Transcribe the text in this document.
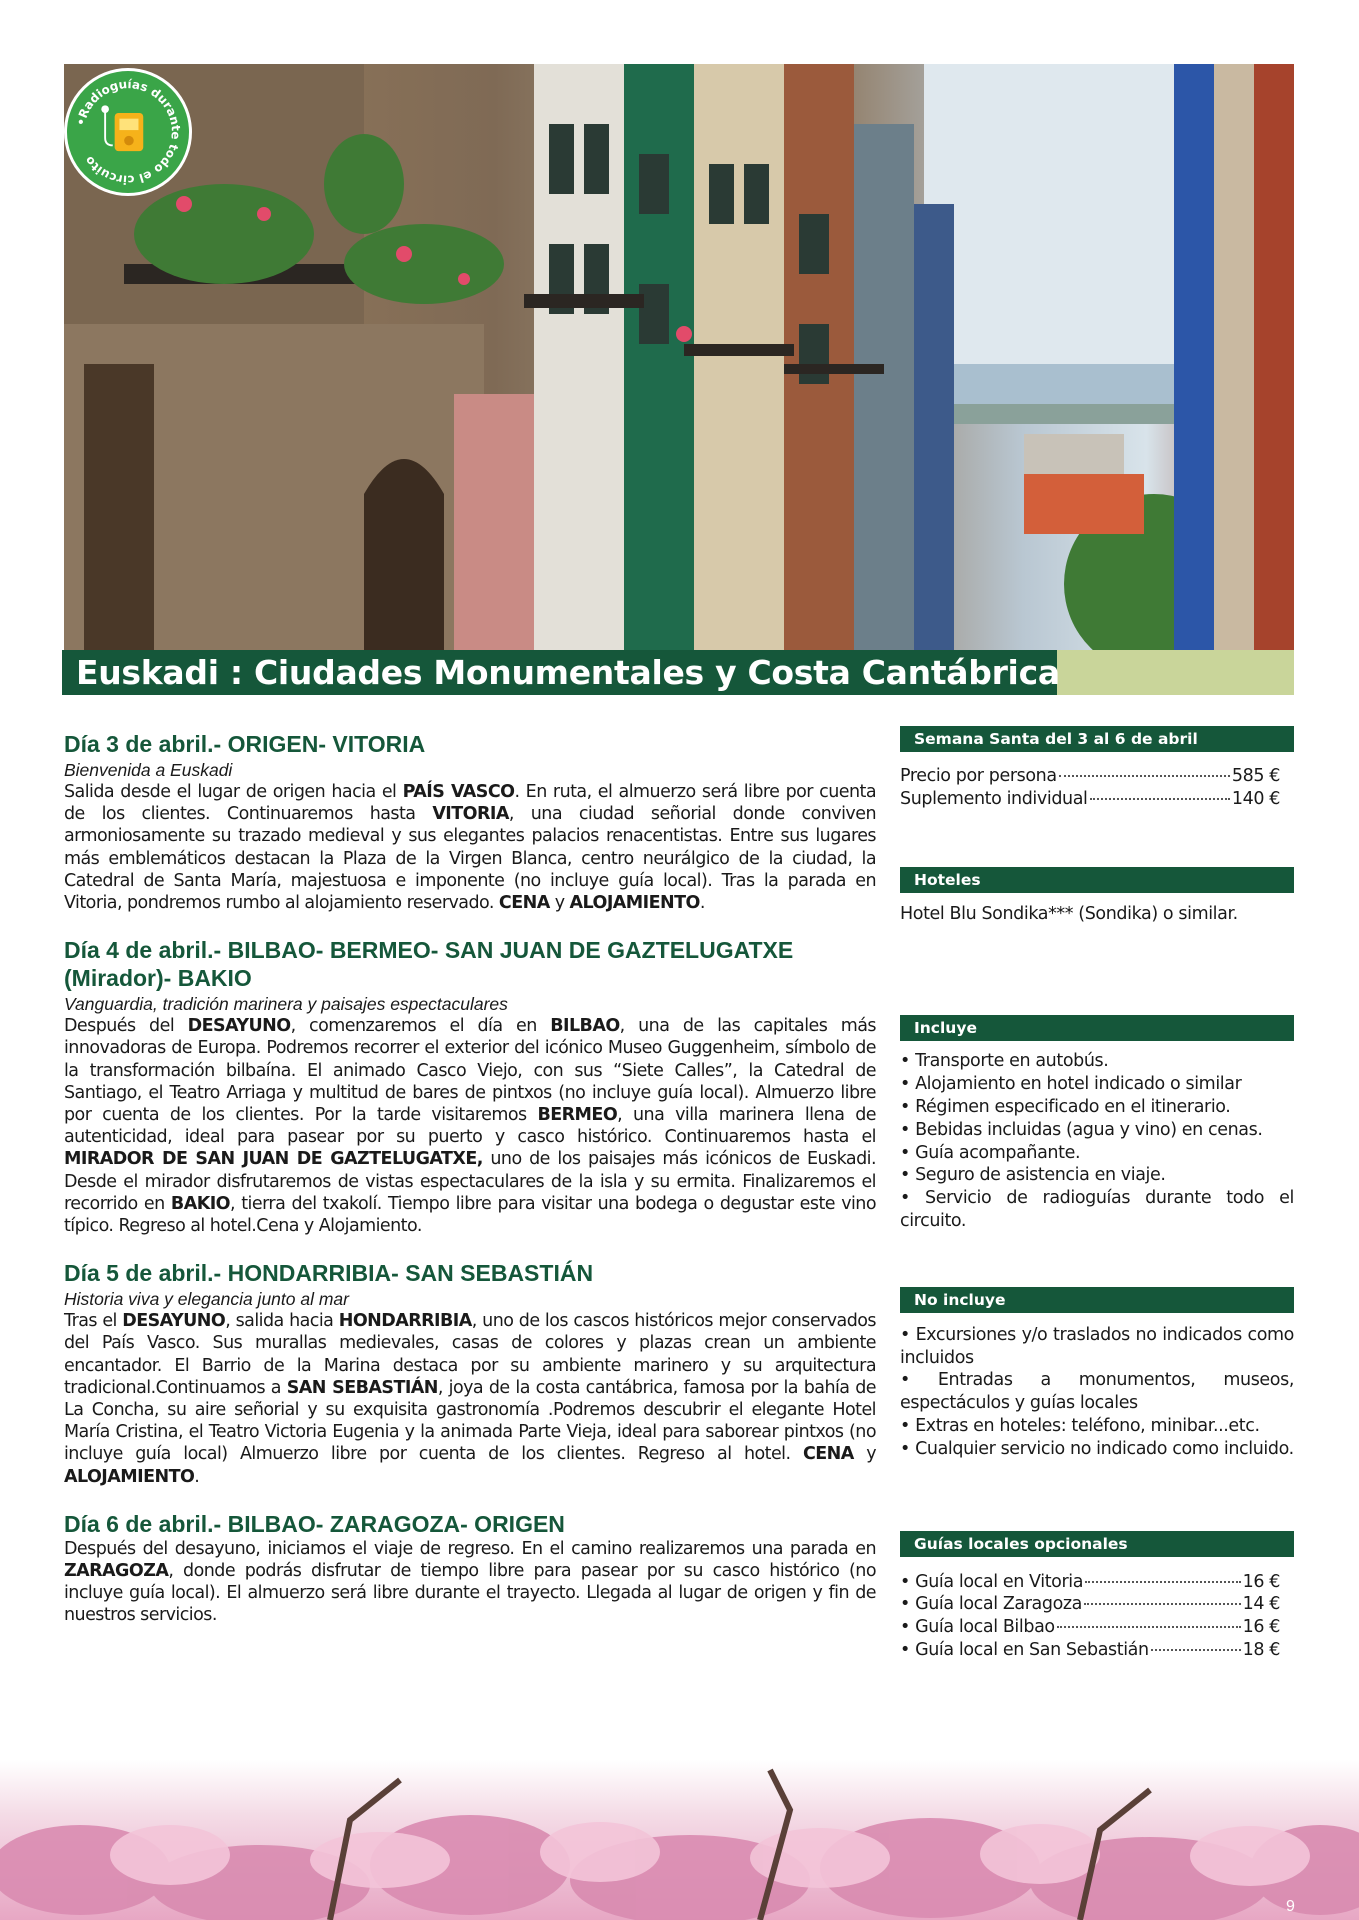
•Radioguías durante todo el circuito
Euskadi : Ciudades Monumentales y Costa Cantábrica
Día 3 de abril.- ORIGEN- VITORIA
Bienvenida a Euskadi

Salida desde el lugar de origen hacia el PAÍS VASCO. En ruta, el almuerzo será libre por cuenta de los clientes. Continuaremos hasta VITORIA, una ciudad señorial donde conviven armoniosamente su trazado medieval y sus elegantes palacios renacentistas. Entre sus lugares más emblemáticos destacan la Plaza de la Virgen Blanca, centro neurálgico de la ciudad, la Catedral de Santa María, majestuosa e imponente (no incluye guía local). Tras la parada en Vitoria, pondremos rumbo al alojamiento reservado. CENA y ALOJAMIENTO.

Día 4 de abril.- BILBAO- BERMEO- SAN JUAN DE GAZTELUGATXE (Mirador)- BAKIO
Vanguardia, tradición marinera y paisajes espectaculares

Después del DESAYUNO, comenzaremos el día en BILBAO, una de las capitales más innovadoras de Europa. Podremos recorrer el exterior del icónico Museo Guggenheim, símbolo de la transformación bilbaína. El animado Casco Viejo, con sus “Siete Calles”, la Catedral de Santiago, el Teatro Arriaga y multitud de bares de pintxos (no incluye guía local). Almuerzo libre por cuenta de los clientes. Por la tarde visitaremos BERMEO, una villa marinera llena de autenticidad, ideal para pasear por su puerto y casco histórico. Continuaremos hasta el MIRADOR DE SAN JUAN DE GAZTELUGATXE, uno de los paisajes más icónicos de Euskadi. Desde el mirador disfrutaremos de vistas espectaculares de la isla y su ermita. Finalizaremos el recorrido en BAKIO, tierra del txakolí. Tiempo libre para visitar una bodega o degustar este vino típico. Regreso al hotel.Cena y Alojamiento.

Día 5 de abril.- HONDARRIBIA- SAN SEBASTIÁN
Historia viva y elegancia junto al mar

Tras el DESAYUNO, salida hacia HONDARRIBIA, uno de los cascos históricos mejor conservados del País Vasco. Sus murallas medievales, casas de colores y plazas crean un ambiente encantador. El Barrio de la Marina destaca por su ambiente marinero y su arquitectura tradicional.Continuamos a SAN SEBASTIÁN, joya de la costa cantábrica, famosa por la bahía de La Concha, su aire señorial y su exquisita gastronomía .Podremos descubrir el elegante Hotel María Cristina, el Teatro Victoria Eugenia y la animada Parte Vieja, ideal para saborear pintxos (no incluye guía local) Almuerzo libre por cuenta de los clientes. Regreso al hotel. CENA y ALOJAMIENTO.

Día 6 de abril.- BILBAO- ZARAGOZA- ORIGEN

Después del desayuno, iniciamos el viaje de regreso. En el camino realizaremos una parada en ZARAGOZA, donde podrás disfrutar de tiempo libre para pasear por su casco histórico (no incluye guía local). El almuerzo será libre durante el trayecto. Llegada al lugar de origen y fin de nuestros servicios.

Semana Santa del 3 al 6 de abril
Precio por persona	585 €
Suplemento individual	140 €
Hoteles
Hotel Blu Sondika*** (Sondika) o similar.
Incluye
• Transporte en autobús.
• Alojamiento en hotel indicado o similar
• Régimen especificado en el itinerario.
• Bebidas incluidas (agua y vino) en cenas.
• Guía acompañante.
• Seguro de asistencia en viaje.
• Servicio de radioguías durante todo el circuito.
No incluye
• Excursiones y/o traslados no indicados como incluidos
• Entradas a monumentos, museos, espectáculos y guías locales
• Extras en hoteles: teléfono, minibar...etc.
• Cualquier servicio no indicado como incluido.
Guías locales opcionales
• Guía local en Vitoria	16 €
• Guía local Zaragoza	14 €
• Guía local Bilbao	16 €
• Guía local en San Sebastián	18 €
9
